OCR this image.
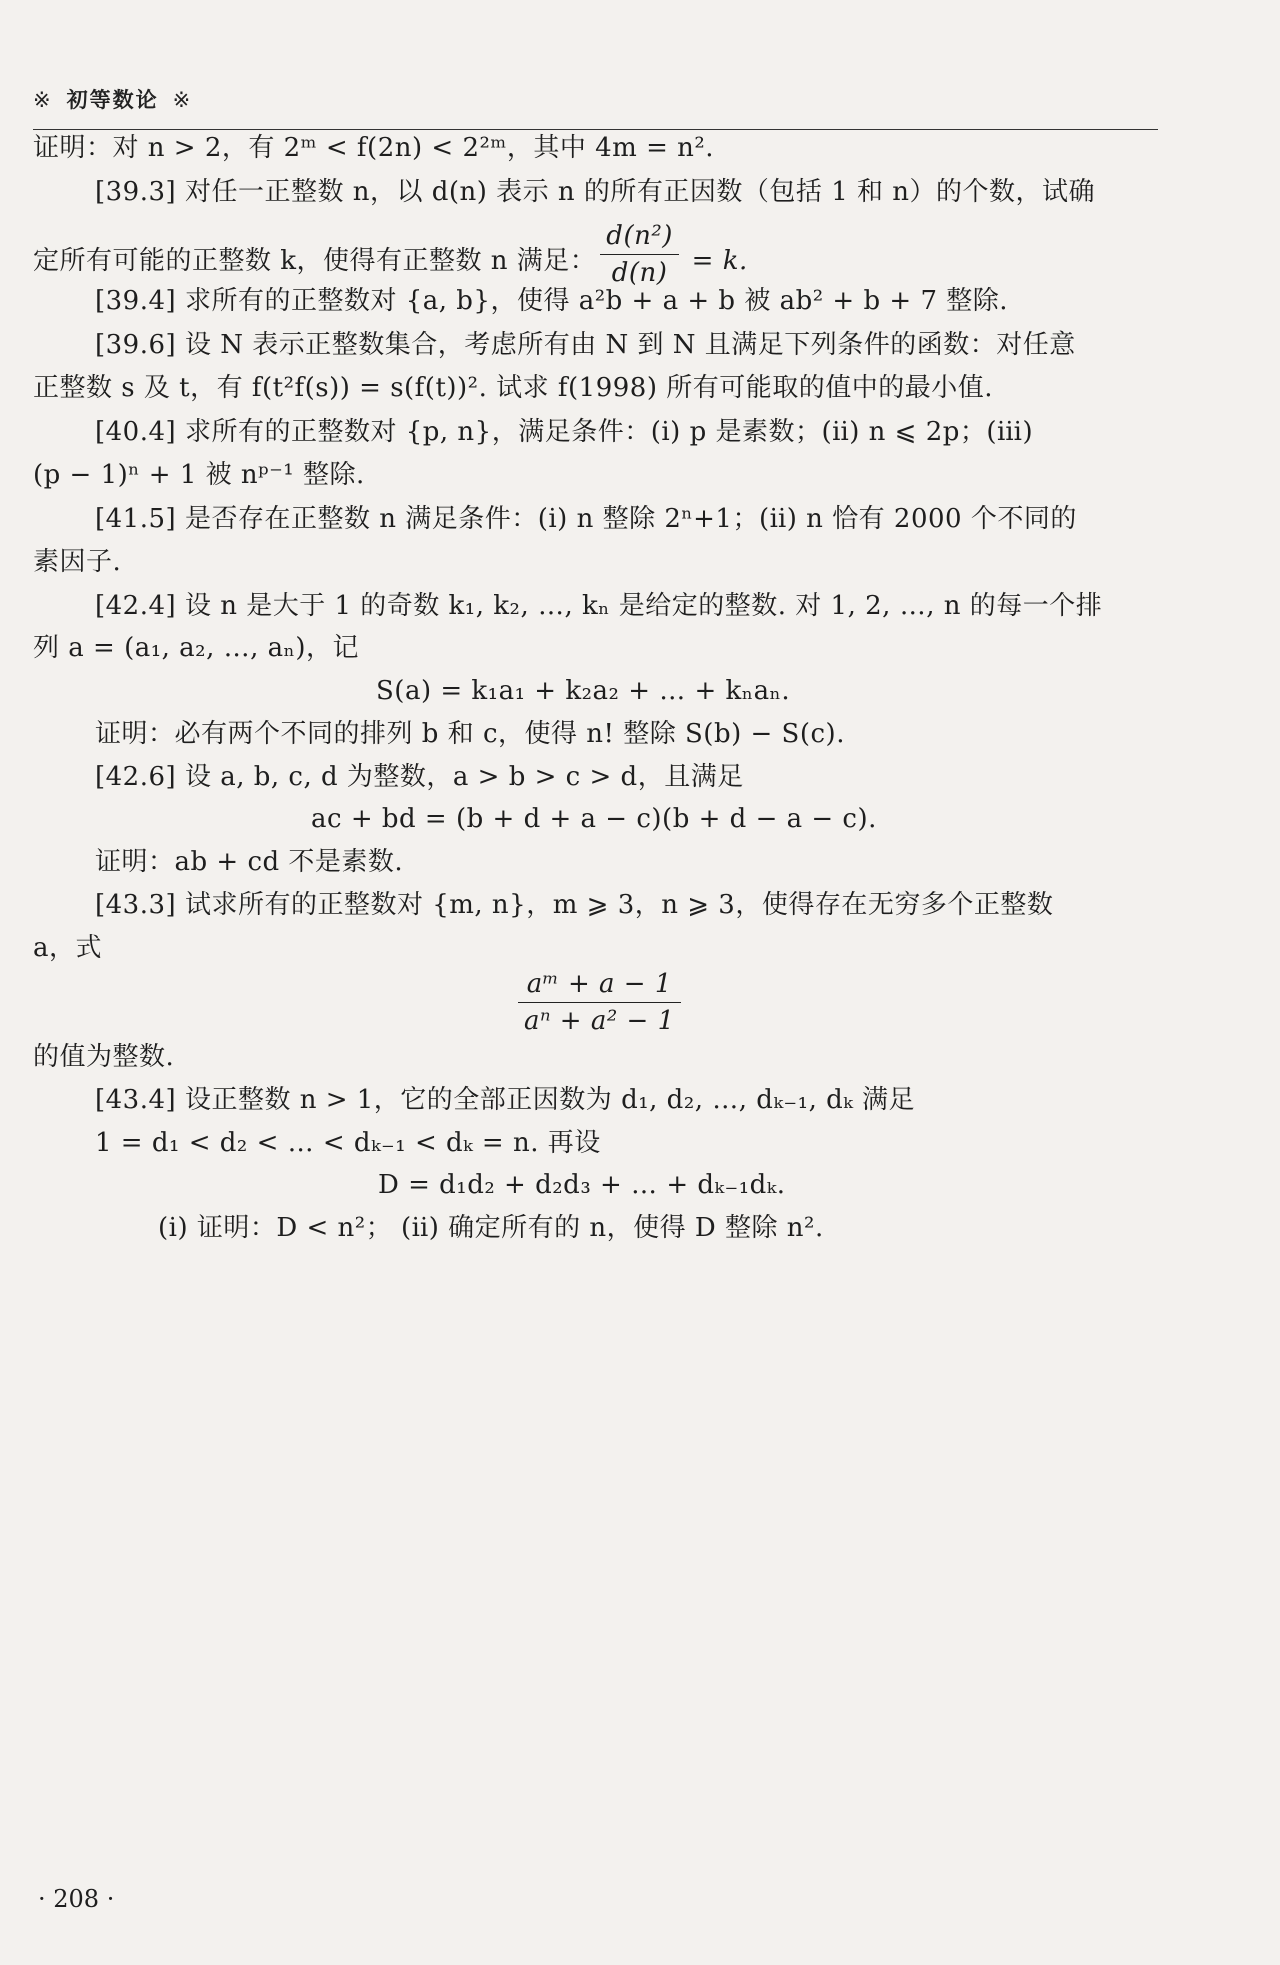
※ 初等数论 ※
证明：对 n > 2，有 2ᵐ < f(2n) < 2²ᵐ，其中 4m = n².
[39.3] 对任一正整数 n，以 d(n) 表示 n 的所有正因数（包括 1 和 n）的个数，试确
定所有可能的正整数 k，使得有正整数 n 满足： $\frac{\text{d(n²)}}{d(n)} = k$.
[39.4] 求所有的正整数对 {a, b}，使得 a²b + a + b 被 ab² + b + 7 整除.
[39.6] 设 N 表示正整数集合，考虑所有由 N 到 N 且满足下列条件的函数：对任意
正整数 s 及 t，有 f(t²f(s)) = s(f(t))². 试求 f(1998) 所有可能取的值中的最小值.
[40.4] 求所有的正整数对 {p, n}，满足条件：(ⅰ) p 是素数；(ⅱ) n ⩽ 2p；(ⅲ)
(p − 1)ⁿ + 1 被 nᵖ⁻¹ 整除.
[41.5] 是否存在正整数 n 满足条件：(ⅰ) n 整除 2ⁿ+1；(ⅱ) n 恰有 2000 个不同的
素因子.
[42.4] 设 n 是大于 1 的奇数 k₁, k₂, …, kₙ 是给定的整数. 对 1, 2, …, n 的每一个排
列 a = (a₁, a₂, …, aₙ)，记
S(a) = k₁a₁ + k₂a₂ + … + kₙaₙ.
证明：必有两个不同的排列 b 和 c，使得 n! 整除 S(b) − S(c).
[42.6] 设 a, b, c, d 为整数，a > b > c > d，且满足
ac + bd = (b + d + a − c)(b + d − a − c).
证明：ab + cd 不是素数.
[43.3] 试求所有的正整数对 {m, n}，m ⩾ 3，n ⩾ 3，使得存在无穷多个正整数
a，式
$\frac{\text{aᵐ + a − 1}}{\text{aⁿ + a² − 1}}$
的值为整数.
[43.4] 设正整数 n > 1，它的全部正因数为 d₁, d₂, …, dₖ₋₁, dₖ 满足
1 = d₁ < d₂ < … < dₖ₋₁ < dₖ = n. 再设
D = d₁d₂ + d₂d₃ + … + dₖ₋₁dₖ.
(ⅰ) 证明：D < n²； (ⅱ) 确定所有的 n，使得 D 整除 n².
· 208 ·
